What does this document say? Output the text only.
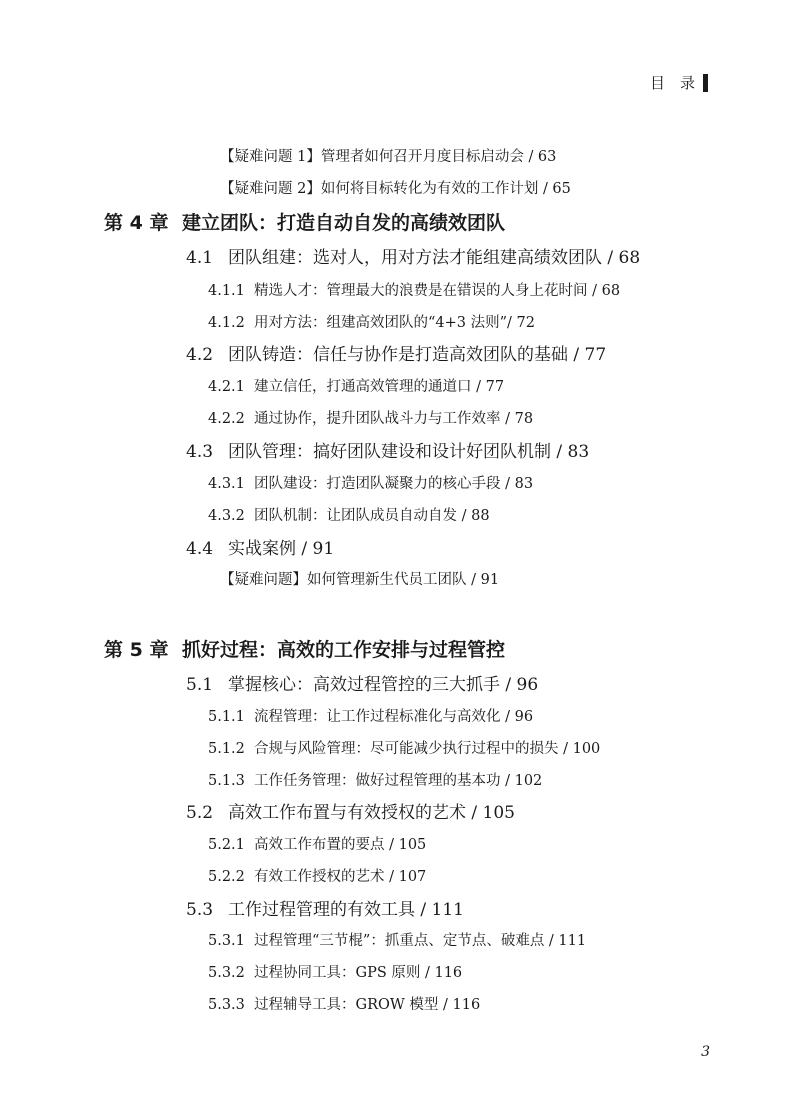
目　录
【疑难问题 1】管理者如何召开月度目标启动会 / 63
【疑难问题 2】如何将目标转化为有效的工作计划 / 65
第 4 章 建立团队：打造自动自发的高绩效团队
4.1 团队组建：选对人，用对方法才能组建高绩效团队 / 68
4.1.1 精选人才：管理最大的浪费是在错误的人身上花时间 / 68
4.1.2 用对方法：组建高效团队的“4+3 法则”/ 72
4.2 团队铸造：信任与协作是打造高效团队的基础 / 77
4.2.1 建立信任，打通高效管理的通道口 / 77
4.2.2 通过协作，提升团队战斗力与工作效率 / 78
4.3 团队管理：搞好团队建设和设计好团队机制 / 83
4.3.1 团队建设：打造团队凝聚力的核心手段 / 83
4.3.2 团队机制：让团队成员自动自发 / 88
4.4 实战案例 / 91
【疑难问题】如何管理新生代员工团队 / 91
第 5 章 抓好过程：高效的工作安排与过程管控
5.1 掌握核心：高效过程管控的三大抓手 / 96
5.1.1 流程管理：让工作过程标准化与高效化 / 96
5.1.2 合规与风险管理：尽可能减少执行过程中的损失 / 100
5.1.3 工作任务管理：做好过程管理的基本功 / 102
5.2 高效工作布置与有效授权的艺术 / 105
5.2.1 高效工作布置的要点 / 105
5.2.2 有效工作授权的艺术 / 107
5.3 工作过程管理的有效工具 / 111
5.3.1 过程管理“三节棍”：抓重点、定节点、破难点 / 111
5.3.2 过程协同工具：GPS 原则 / 116
5.3.3 过程辅导工具：GROW 模型 / 116
3
